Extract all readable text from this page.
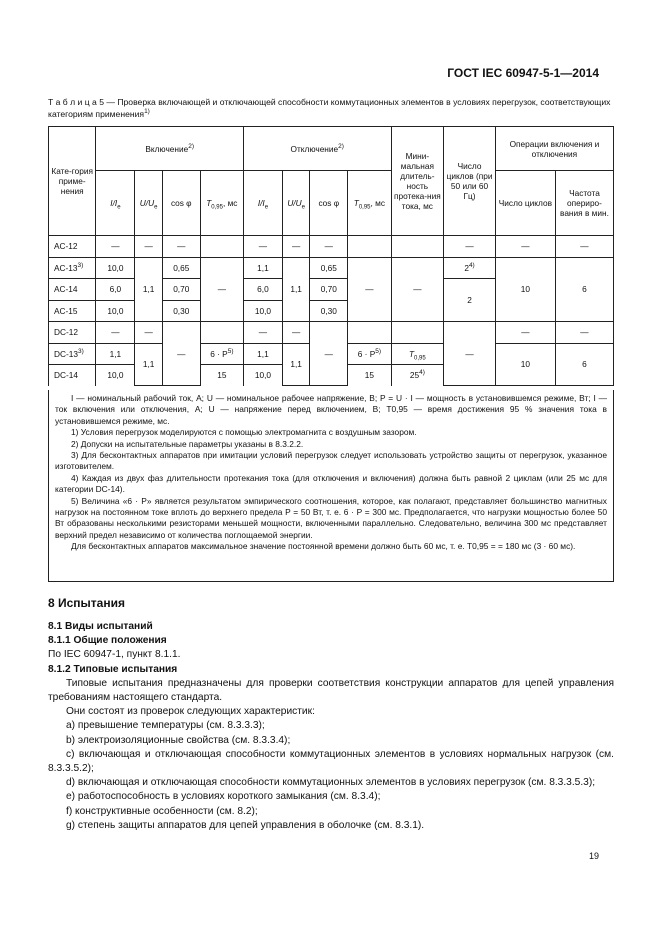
ГОСТ IEC 60947-5-1—2014
Т а б л и ц а 5 — Проверка включающей и отключающей способности коммутационных элементов в условиях перегрузок, соответствующих категориям применения$^{1)}$
Кате-гория приме-нения	Включение$^{2)}$				Отключение$^{2)}$				Мини-мальная длитель-ность протека-ния тока, мс	Число циклов (при 50 или 60 Гц)	Операции включения и отключения	
	$I/I_e$	$U/U_e$	cos φ	$T_{0,95}$, мс	$I/I_e$	$U/U_e$	cos φ	$T_{0,95}$, мс			Число циклов	Частота опериро-вания в мин.
AC-12	—	—	—		—	—	—			—	—	—
AC-13$^{3)}$	10,0	1,1	0,65	—	1,1	1,1	0,65	—	—	2$^{4)}$	10	6
AC-14	6,0		0,70		6,0		0,70			2		
AC-15	10,0		0,30		10,0		0,30					
DC-12	—	—	—		—	—	—			—	—	—
DC-13$^{3)}$	1,1	1,1		$6 \cdot P^{5)}$	1,1	1,1		$6 \cdot P^{5)}$	$T_{0,95}$		10	6
DC-14	10,0			15	10,0			15	25$^{4)}$

I — номинальный рабочий ток, А; U — номинальное рабочее напряжение, В; P = U · I — мощность в установившемся режиме, Вт; I — ток включения или отключения, А; U — напряжение перед включением, В; T0,95 — время достижения 95 % значения тока в установившемся режиме, мс.

1) Условия перегрузок моделируются с помощью электромагнита с воздушным зазором.

2) Допуски на испытательные параметры указаны в 8.3.2.2.

3) Для бесконтактных аппаратов при имитации условий перегрузок следует использовать устройство защиты от перегрузок, указанное изготовителем.

4) Каждая из двух фаз длительности протекания тока (для отключения и включения) должна быть равной 2 циклам (или 25 мс для категории DC-14).

5) Величина «6 · P» является результатом эмпирического соотношения, которое, как полагают, представляет большинство магнитных нагрузок на постоянном токе вплоть до верхнего предела P = 50 Вт, т. е. 6 · P = 300 мс. Предполагается, что нагрузки мощностью более 50 Вт образованы несколькими резисторами меньшей мощности, включенными параллельно. Следовательно, величина 300 мс представляет верхний предел независимо от количества поглощаемой энергии.

Для бесконтактных аппаратов максимальное значение постоянной времени должно быть 60 мс, т. е. T0,95 = = 180 мс (3 · 60 мс).

8 Испытания

8.1 Виды испытаний

8.1.1 Общие положения

По IEC 60947-1, пункт 8.1.1.

8.1.2 Типовые испытания

Типовые испытания предназначены для проверки соответствия конструкции аппаратов для цепей управления требованиям настоящего стандарта.

Они состоят из проверок следующих характеристик:

a) превышение температуры (см. 8.3.3.3);

b) электроизоляционные свойства (см. 8.3.3.4);

c) включающая и отключающая способности коммутационных элементов в условиях нормальных нагрузок (см. 8.3.3.5.2);

d) включающая и отключающая способности коммутационных элементов в условиях перегрузок (см. 8.3.3.5.3);

e) работоспособность в условиях короткого замыкания (см. 8.3.4);

f) конструктивные особенности (см. 8.2);

g) степень защиты аппаратов для цепей управления в оболочке (см. 8.3.1).

19
